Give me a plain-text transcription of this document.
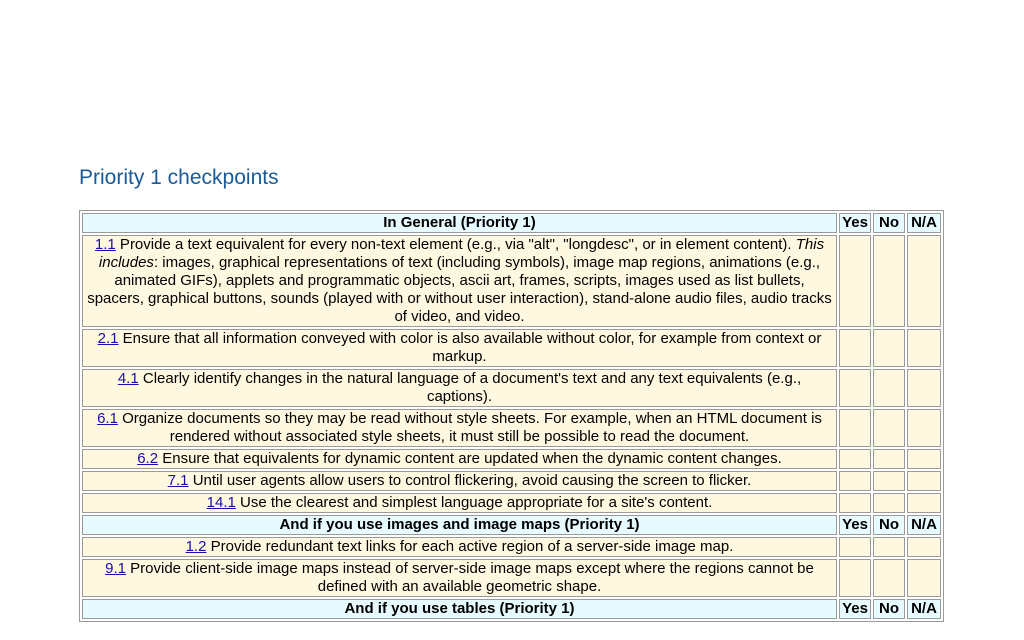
Priority 1 checkpoints
In General (Priority 1)	Yes	No	N/A
1.1 Provide a text equivalent for every non-text element (e.g., via "alt", "longdesc", or in element content). This includes: images, graphical representations of text (including symbols), image map regions, animations (e.g., animated GIFs), applets and programmatic objects, ascii art, frames, scripts, images used as list bullets, spacers, graphical buttons, sounds (played with or without user interaction), stand-alone audio files, audio tracks of video, and video.			
2.1 Ensure that all information conveyed with color is also available without color, for example from context or markup.			
4.1 Clearly identify changes in the natural language of a document's text and any text equivalents (e.g., captions).			
6.1 Organize documents so they may be read without style sheets. For example, when an HTML document is rendered without associated style sheets, it must still be possible to read the document.			
6.2 Ensure that equivalents for dynamic content are updated when the dynamic content changes.			
7.1 Until user agents allow users to control flickering, avoid causing the screen to flicker.			
14.1 Use the clearest and simplest language appropriate for a site's content.			
And if you use images and image maps (Priority 1)	Yes	No	N/A
1.2 Provide redundant text links for each active region of a server-side image map.			
9.1 Provide client-side image maps instead of server-side image maps except where the regions cannot be defined with an available geometric shape.			
And if you use tables (Priority 1)	Yes	No	N/A
